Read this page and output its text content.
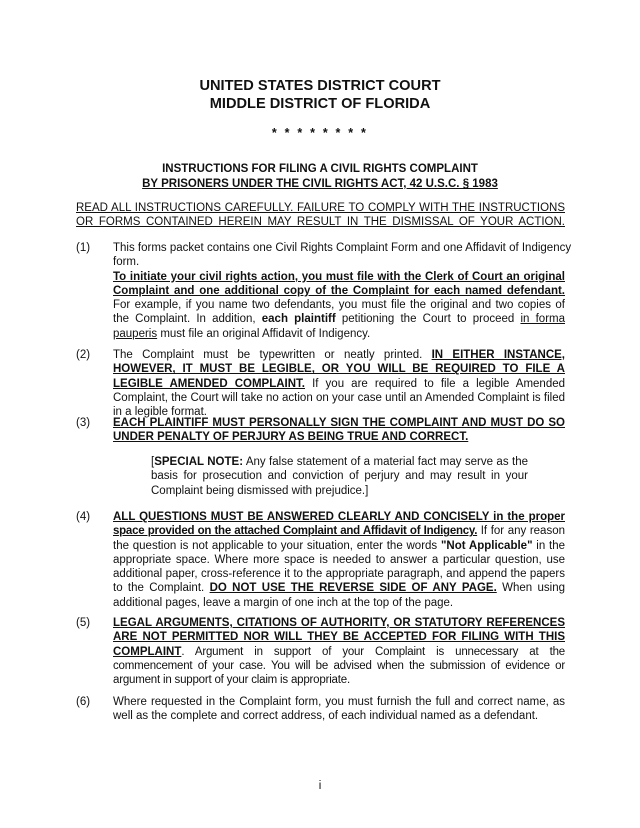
UNITED STATES DISTRICT COURT
MIDDLE DISTRICT OF FLORIDA
* * * * * * * *
INSTRUCTIONS FOR FILING A CIVIL RIGHTS COMPLAINT
BY PRISONERS UNDER THE CIVIL RIGHTS ACT, 42 U.S.C. § 1983
READ ALL INSTRUCTIONS CAREFULLY. FAILURE TO COMPLY WITH THE INSTRUCTIONS
OR FORMS CONTAINED HEREIN MAY RESULT IN THE DISMISSAL OF YOUR ACTION.
(1) This forms packet contains one Civil Rights Complaint Form and one Affidavit of Indigency
form.
To initiate your civil rights action, you must file with the Clerk of Court an original
Complaint and one additional copy of the Complaint for each named defendant. For example, if you name two defendants, you must file the original and two copies of the Complaint. In addition, each plaintiff petitioning the Court to proceed in forma pauperis must file an original Affidavit of Indigency.
(2) The Complaint must be typewritten or neatly printed. IN EITHER INSTANCE, HOWEVER, IT MUST BE LEGIBLE, OR YOU WILL BE REQUIRED TO FILE A LEGIBLE AMENDED COMPLAINT. If you are required to file a legible Amended Complaint, the Court will take no action on your case until an Amended Complaint is filed in a legible format.
(3) EACH PLAINTIFF MUST PERSONALLY SIGN THE COMPLAINT AND MUST DO SO
UNDER PENALTY OF PERJURY AS BEING TRUE AND CORRECT.
[SPECIAL NOTE: Any false statement of a material fact may serve as the basis for prosecution and conviction of perjury and may result in your Complaint being dismissed with prejudice.]
(4) ALL QUESTIONS MUST BE ANSWERED CLEARLY AND CONCISELY in the proper
space provided on the attached Complaint and Affidavit of Indigency. If for any reason the question is not applicable to your situation, enter the words "Not Applicable" in the appropriate space. Where more space is needed to answer a particular question, use additional paper, cross-reference it to the appropriate paragraph, and append the papers to the Complaint. DO NOT USE THE REVERSE SIDE OF ANY PAGE. When using additional pages, leave a margin of one inch at the top of the page.
(5) LEGAL ARGUMENTS, CITATIONS OF AUTHORITY, OR STATUTORY REFERENCES ARE NOT PERMITTED NOR WILL THEY BE ACCEPTED FOR FILING WITH THIS COMPLAINT. Argument in support of your Complaint is unnecessary at the commencement of your case. You will be advised when the submission of evidence or argument in support of your claim is appropriate.
(6) Where requested in the Complaint form, you must furnish the full and correct name, as well as the complete and correct address, of each individual named as a defendant.
i
